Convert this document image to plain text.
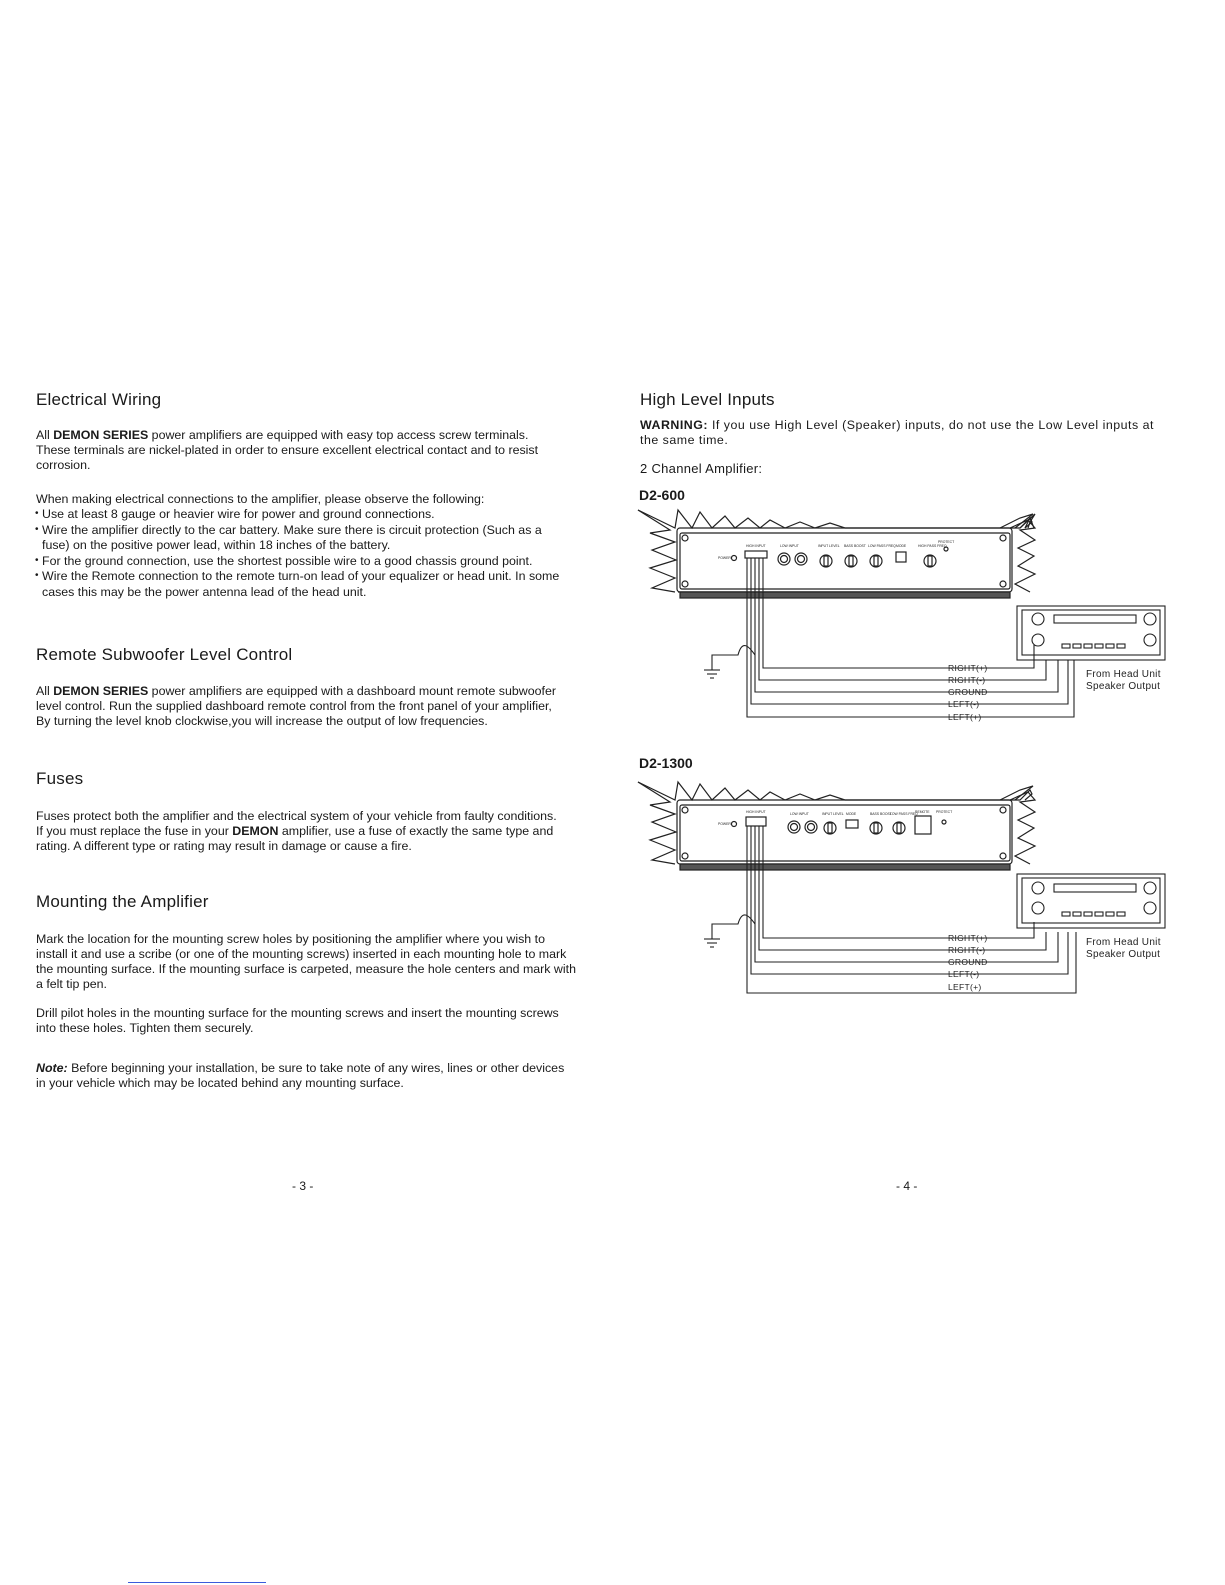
Electrical Wiring

All DEMON SERIES power amplifiers are equipped with easy top access screw terminals. These terminals are nickel-plated in order to ensure excellent electrical contact and to resist corrosion.

When making electrical connections to the amplifier, please observe the following:

• Use at least 8 gauge or heavier wire for power and ground connections.
• Wire the amplifier directly to the car battery. Make sure there is circuit protection (Such as a fuse) on the positive power lead, within 18 inches of the battery.
• For the ground connection, use the shortest possible wire to a good chassis ground point.
• Wire the Remote connection to the remote turn-on lead of your equalizer or head unit. In some cases this may be the power antenna lead of the head unit.
Remote Subwoofer Level Control

All DEMON SERIES power amplifiers are equipped with a dashboard mount remote subwoofer level control. Run the supplied dashboard remote control from the front panel of your amplifier, By turning the level knob clockwise,you will increase the output of low frequencies.

Fuses

Fuses protect both the amplifier and the electrical system of your vehicle from faulty conditions. If you must replace the fuse in your DEMON amplifier, use a fuse of exactly the same type and rating. A different type or rating may result in damage or cause a fire.

Mounting the Amplifier

Mark the location for the mounting screw holes by positioning the amplifier where you wish to install it and use a scribe (or one of the mounting screws) inserted in each mounting hole to mark the mounting surface. If the mounting surface is carpeted, measure the hole centers and mark with a felt tip pen.

Drill pilot holes in the mounting surface for the mounting screws and insert the mounting screws into these holes. Tighten them securely.

Note: Before beginning your installation, be sure to take note of any wires, lines or other devices in your vehicle which may be located behind any mounting surface.

- 3 -
High Level Inputs

WARNING: If you use High Level (Speaker) inputs, do not use the Low Level inputs at the same time.

2 Channel Amplifier:

D2-600
D2-1300
- 4 -
POWER
HIGH INPUT	LOW INPUT	INPUT LEVEL BASS BOOST LOW PASS FREQ MODE	HIGH PASS FREQ
PROTECT
RIGHT(+)
RIGHT(-)
GROUND
LEFT(-)
LEFT(+)
From Head Unit
Speaker Output
POWER
HIGH INPUT	LOW INPUT	INPUT LEVEL MODE	BASS BOOST
LOW PASS FREQ
REMOTE PROTECT
RIGHT(+)
RIGHT(-)
GROUND
LEFT(-)
LEFT(+)
From Head Unit
Speaker Output
